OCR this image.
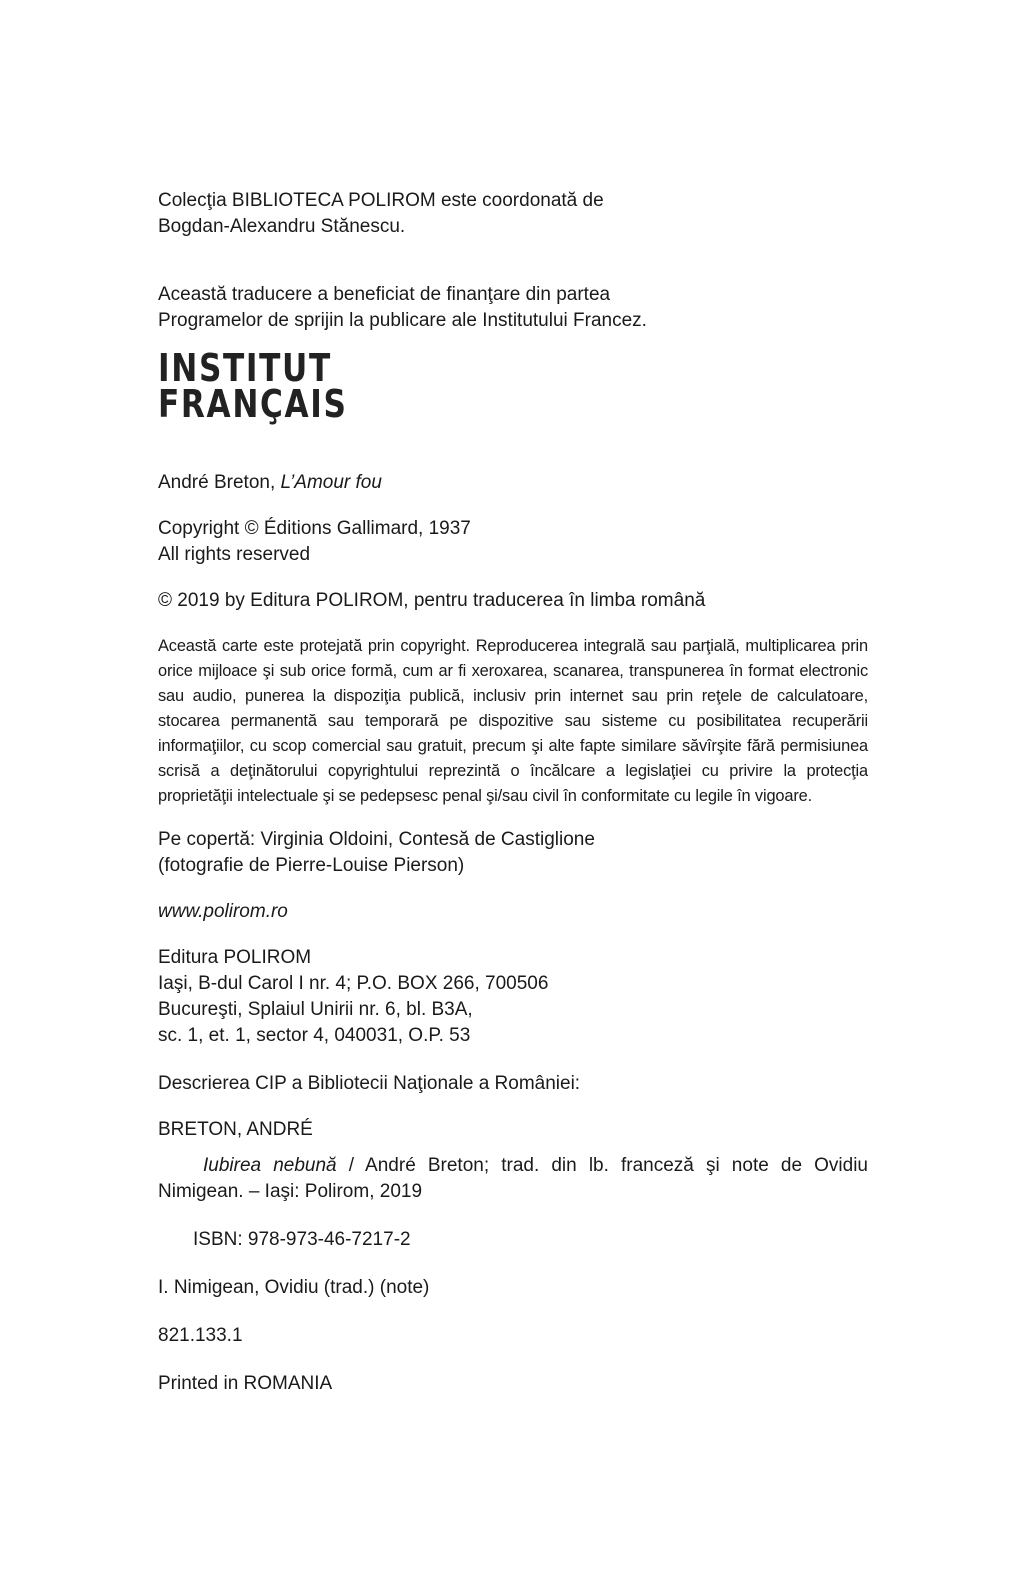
Colecţia BIBLIOTECA POLIROM este coordonată de
Bogdan-Alexandru Stănescu.

Această traducere a beneficiat de finanţare din partea
Programelor de sprijin la publicare ale Institutului Francez.

INSTITUT
FRANÇAIS

André Breton, L’Amour fou

Copyright © Éditions Gallimard, 1937
All rights reserved

© 2019 by Editura POLIROM, pentru traducerea în limba română

Această carte este protejată prin copyright. Reproducerea integrală sau parţială, multiplicarea prin orice mijloace şi sub orice formă, cum ar fi xeroxarea, scanarea, transpunerea în format electronic sau audio, punerea la dispoziţia publică, inclusiv prin internet sau prin reţele de calculatoare, stocarea permanentă sau temporară pe dispozitive sau sisteme cu posibilitatea recuperării informaţiilor, cu scop comercial sau gratuit, precum şi alte fapte similare săvîrşite fără permisiunea scrisă a deţinătorului copyrightului reprezintă o încălcare a legislaţiei cu privire la protecţia proprietăţii intelectuale şi se pedepsesc penal şi/sau civil în conformitate cu legile în vigoare.

Pe copertă: Virginia Oldoini, Contesă de Castiglione
(fotografie de Pierre-Louise Pierson)

www.polirom.ro

Editura POLIROM
Iaşi, B-dul Carol I nr. 4; P.O. BOX 266, 700506
Bucureşti, Splaiul Unirii nr. 6, bl. B3A,
sc. 1, et. 1, sector 4, 040031, O.P. 53

Descrierea CIP a Bibliotecii Naţionale a României:

BRETON, ANDRÉ

Iubirea nebună / André Breton; trad. din lb. franceză şi note de Ovidiu Nimigean. – Iaşi: Polirom, 2019

ISBN: 978-973-46-7217-2

I. Nimigean, Ovidiu (trad.) (note)

821.133.1

Printed in ROMANIA
